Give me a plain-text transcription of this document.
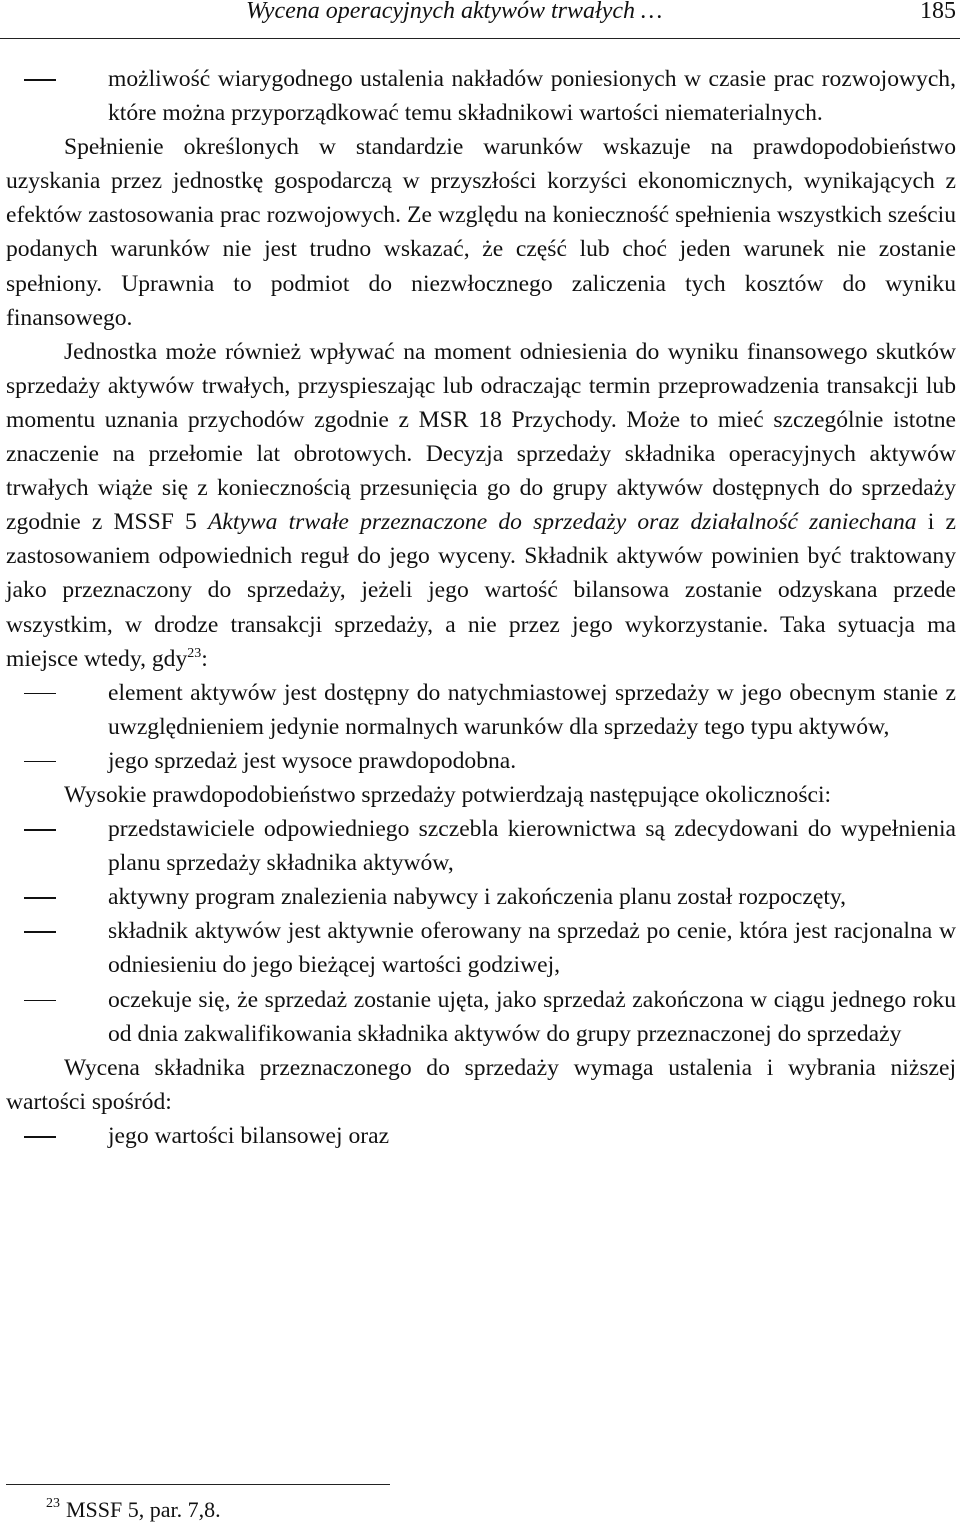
Wycena operacyjnych aktywów trwałych …	185
możliwość wiarygodnego ustalenia nakładów poniesionych w czasie prac rozwojowych, które można przyporządkować temu składnikowi wartości niematerialnych.

Spełnienie określonych w standardzie warunków wskazuje na prawdopodobieństwo uzyskania przez jednostkę gospodarczą w przyszłości korzyści ekonomicznych, wynikających z efektów zastosowania prac rozwojowych. Ze względu na konieczność spełnienia wszystkich sześciu podanych warunków nie jest trudno wskazać, że część lub choć jeden warunek nie zostanie spełniony. Uprawnia to podmiot do niezwłocznego zaliczenia tych kosztów do wyniku finansowego.

Jednostka może również wpływać na moment odniesienia do wyniku finansowego skutków sprzedaży aktywów trwałych, przyspieszając lub odraczając termin przeprowadzenia transakcji lub momentu uznania przychodów zgodnie z MSR 18 Przychody. Może to mieć szczególnie istotne znaczenie na przełomie lat obrotowych. Decyzja sprzedaży składnika operacyjnych aktywów trwałych wiąże się z koniecznością przesunięcia go do grupy aktywów dostępnych do sprzedaży zgodnie z MSSF 5 Aktywa trwałe przeznaczone do sprzedaży oraz działalność zaniechana i z zastosowaniem odpowiednich reguł do jego wyceny. Składnik aktywów powinien być traktowany jako przeznaczony do sprzedaży, jeżeli jego wartość bilansowa zostanie odzyskana przede wszystkim, w drodze transakcji sprzedaży, a nie przez jego wykorzystanie. Taka sytuacja ma miejsce wtedy, gdy$^{23}$:

element aktywów jest dostępny do natychmiastowej sprzedaży w jego obecnym stanie z uwzględnieniem jedynie normalnych warunków dla sprzedaży tego typu aktywów,
jego sprzedaż jest wysoce prawdopodobna.

Wysokie prawdopodobieństwo sprzedaży potwierdzają następujące okoliczności:

przedstawiciele odpowiedniego szczebla kierownictwa są zdecydowani do wypełnienia planu sprzedaży składnika aktywów,
aktywny program znalezienia nabywcy i zakończenia planu został rozpoczęty,
składnik aktywów jest aktywnie oferowany na sprzedaż po cenie, która jest racjonalna w odniesieniu do jego bieżącej wartości godziwej,
oczekuje się, że sprzedaż zostanie ujęta, jako sprzedaż zakończona w ciągu jednego roku od dnia zakwalifikowania składnika aktywów do grupy przeznaczonej do sprzedaży

Wycena składnika przeznaczonego do sprzedaży wymaga ustalenia i wybrania niższej wartości spośród:

jego wartości bilansowej oraz
$^{23}$ MSSF 5, par. 7,8.
